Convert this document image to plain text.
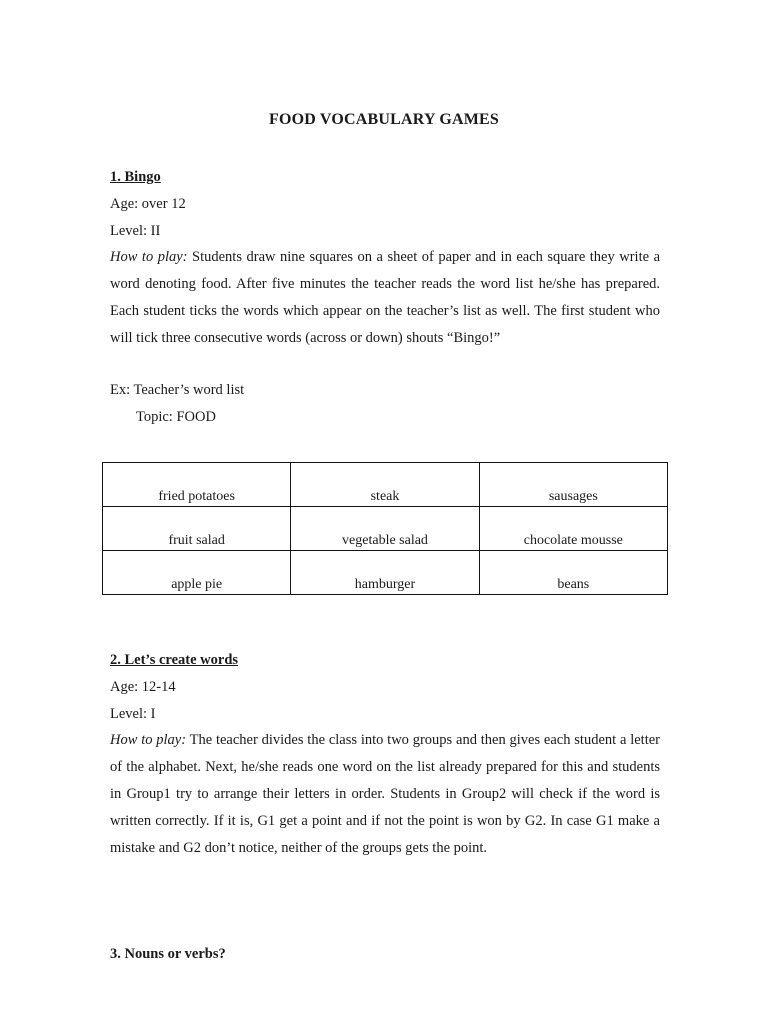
FOOD VOCABULARY GAMES
1. Bingo
Age: over 12
Level: II
How to play: Students draw nine squares on a sheet of paper and in each square they write a word denoting food. After five minutes the teacher reads the word list he/she has prepared. Each student ticks the words which appear on the teacher’s list as well. The first student who will tick three consecutive words (across or down) shouts “Bingo!”
Ex: Teacher’s word list
Topic: FOOD
fried potatoes	steak	sausages
fruit salad	vegetable salad	chocolate mousse
apple pie	hamburger	beans
2. Let’s create words
Age: 12-14
Level: I
How to play: The teacher divides the class into two groups and then gives each student a letter of the alphabet. Next, he/she reads one word on the list already prepared for this and students in Group1 try to arrange their letters in order. Students in Group2 will check if the word is written correctly. If it is, G1 get a point and if not the point is won by G2. In case G1 make a mistake and G2 don’t notice, neither of the groups gets the point.
3. Nouns or verbs?
